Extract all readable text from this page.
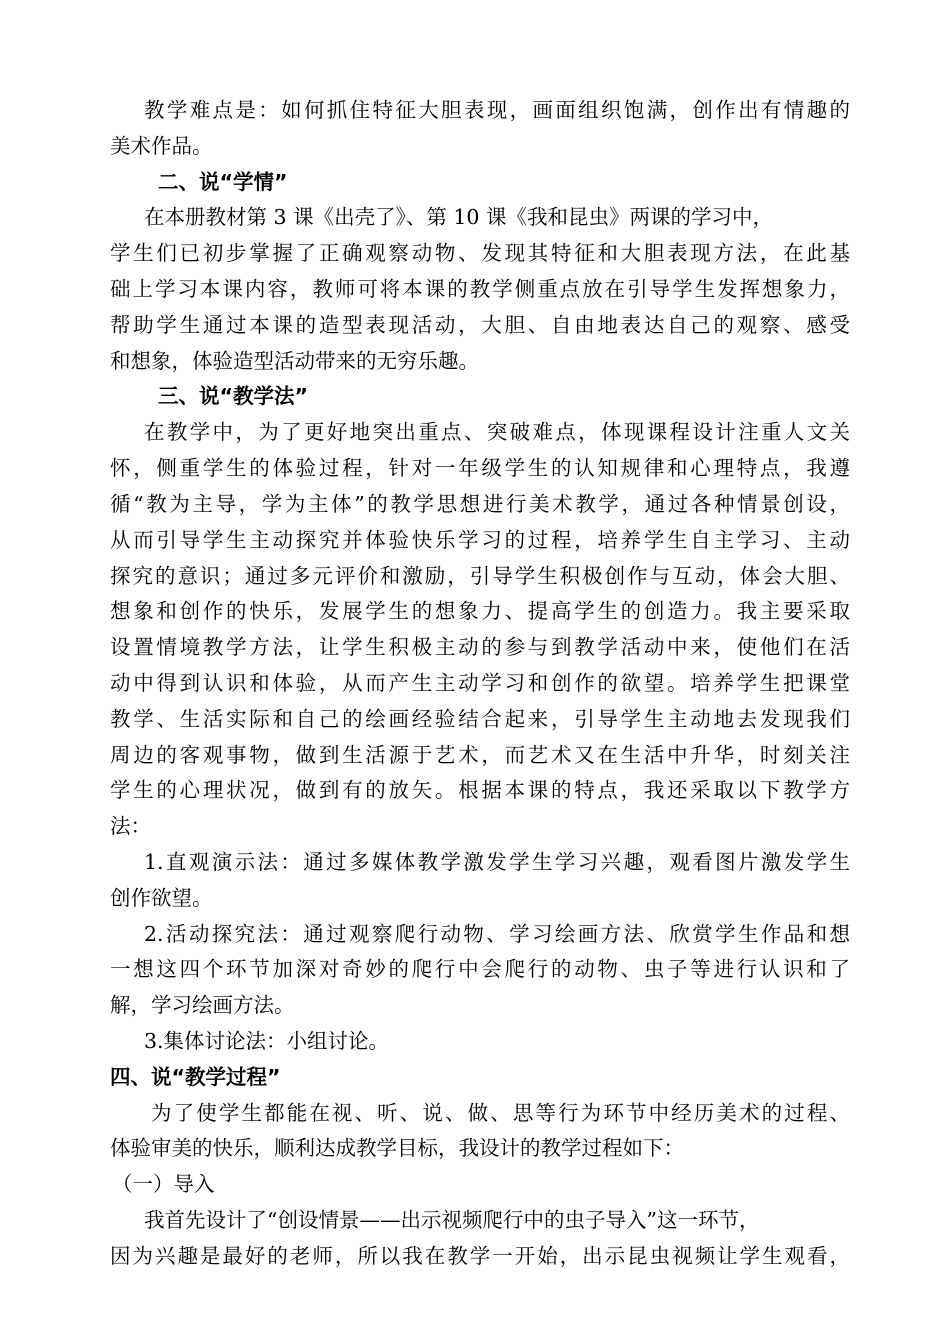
教学难点是：如何抓住特征大胆表现，画面组织饱满，创作出有情趣的
美术作品。
二、说“学情”
在本册教材第 3 课《出壳了》、第 10 课《我和昆虫》两课的学习中，
学生们已初步掌握了正确观察动物、发现其特征和大胆表现方法，在此基
础上学习本课内容，教师可将本课的教学侧重点放在引导学生发挥想象力，
帮助学生通过本课的造型表现活动，大胆、自由地表达自己的观察、感受
和想象，体验造型活动带来的无穷乐趣。
三、说“教学法”
在教学中，为了更好地突出重点、突破难点，体现课程设计注重人文关
怀，侧重学生的体验过程，针对一年级学生的认知规律和心理特点，我遵
循“教为主导，学为主体”的教学思想进行美术教学，通过各种情景创设，
从而引导学生主动探究并体验快乐学习的过程，培养学生自主学习、主动
探究的意识；通过多元评价和激励，引导学生积极创作与互动，体会大胆、
想象和创作的快乐，发展学生的想象力、提高学生的创造力。我主要采取
设置情境教学方法，让学生积极主动的参与到教学活动中来，使他们在活
动中得到认识和体验，从而产生主动学习和创作的欲望。培养学生把课堂
教学、生活实际和自己的绘画经验结合起来，引导学生主动地去发现我们
周边的客观事物，做到生活源于艺术，而艺术又在生活中升华，时刻关注
学生的心理状况，做到有的放矢。根据本课的特点，我还采取以下教学方
法：
1.直观演示法：通过多媒体教学激发学生学习兴趣，观看图片激发学生
创作欲望。
2.活动探究法：通过观察爬行动物、学习绘画方法、欣赏学生作品和想
一想这四个环节加深对奇妙的爬行中会爬行的动物、虫子等进行认识和了
解，学习绘画方法。
3.集体讨论法：小组讨论。
四、说“教学过程”
为了使学生都能在视、听、说、做、思等行为环节中经历美术的过程、
体验审美的快乐，顺利达成教学目标，我设计的教学过程如下：
（一）导入
我首先设计了“创设情景——出示视频爬行中的虫子导入”这一环节，
因为兴趣是最好的老师，所以我在教学一开始，出示昆虫视频让学生观看，
